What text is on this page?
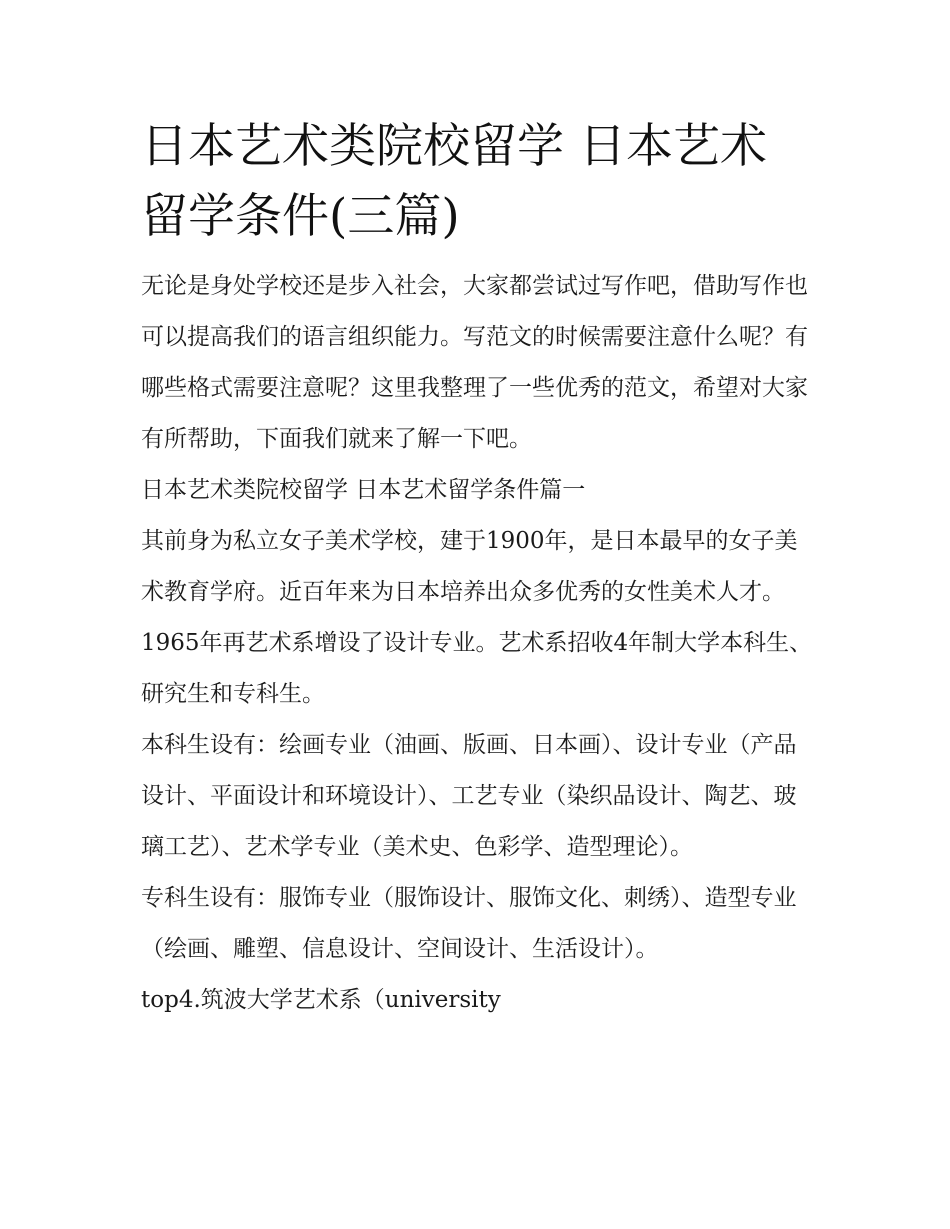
日本艺术类院校留学 日本艺术留学条件(三篇)

无论是身处学校还是步入社会，大家都尝试过写作吧，借助写作也可以提高我们的语言组织能力。写范文的时候需要注意什么呢？有哪些格式需要注意呢？这里我整理了一些优秀的范文，希望对大家有所帮助，下面我们就来了解一下吧。

日本艺术类院校留学 日本艺术留学条件篇一

其前身为私立女子美术学校，建于1900年，是日本最早的女子美术教育学府。近百年来为日本培养出众多优秀的女性美术人才。1965年再艺术系增设了设计专业。艺术系招收4年制大学本科生、研究生和专科生。

本科生设有：绘画专业（油画、版画、日本画）、设计专业（产品设计、平面设计和环境设计）、工艺专业（染织品设计、陶艺、玻璃工艺）、艺术学专业（美术史、色彩学、造型理论）。

专科生设有：服饰专业（服饰设计、服饰文化、刺绣）、造型专业（绘画、雕塑、信息设计、空间设计、生活设计）。

top4.筑波大学艺术系（university
